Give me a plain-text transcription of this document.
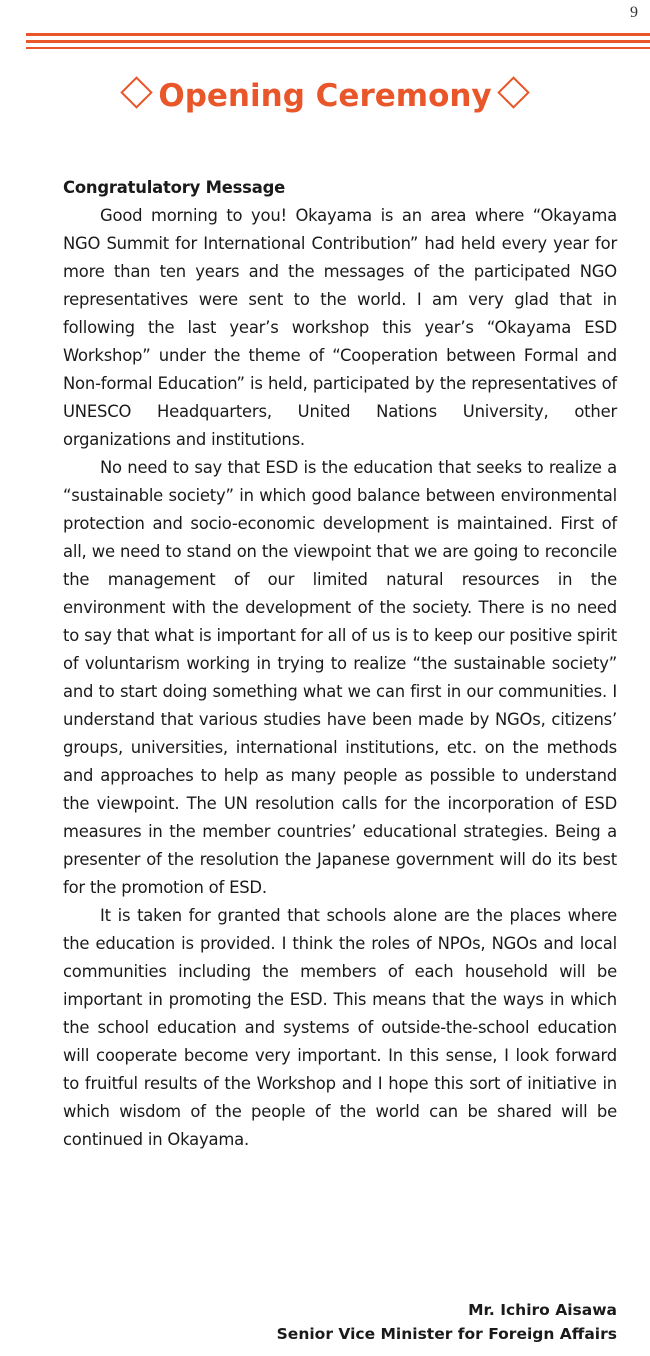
9
Opening Ceremony

Congratulatory Message

Good morning to you! Okayama is an area where “Okayama NGO Summit for International Contribution” had held every year for more than ten years and the messages of the participated NGO representatives were sent to the world. I am very glad that in following the last year’s workshop this year’s “Okayama ESD Workshop” under the theme of “Cooperation between Formal and Non-formal Education” is held, participated by the representatives of UNESCO Headquarters, United Nations University, other organizations and institutions.

No need to say that ESD is the education that seeks to realize a “sustainable society” in which good balance between environmental protection and socio-economic development is maintained. First of all, we need to stand on the viewpoint that we are going to reconcile the management of our limited natural resources in the environment with the development of the society. There is no need to say that what is important for all of us is to keep our positive spirit of voluntarism working in trying to realize “the sustainable society” and to start doing something what we can first in our communities. I understand that various studies have been made by NGOs, citizens’ groups, universities, international institutions, etc. on the methods and approaches to help as many people as possible to understand the viewpoint. The UN resolution calls for the incorporation of ESD measures in the member countries’ educational strategies. Being a presenter of the resolution the Japanese government will do its best for the promotion of ESD.

It is taken for granted that schools alone are the places where the education is provided. I think the roles of NPOs, NGOs and local communities including the members of each household will be important in promoting the ESD. This means that the ways in which the school education and systems of outside-the-school education will cooperate become very important. In this sense, I look forward to fruitful results of the Workshop and I hope this sort of initiative in which wisdom of the people of the world can be shared will be continued in Okayama.

Mr. Ichiro Aisawa
Senior Vice Minister for Foreign Affairs
